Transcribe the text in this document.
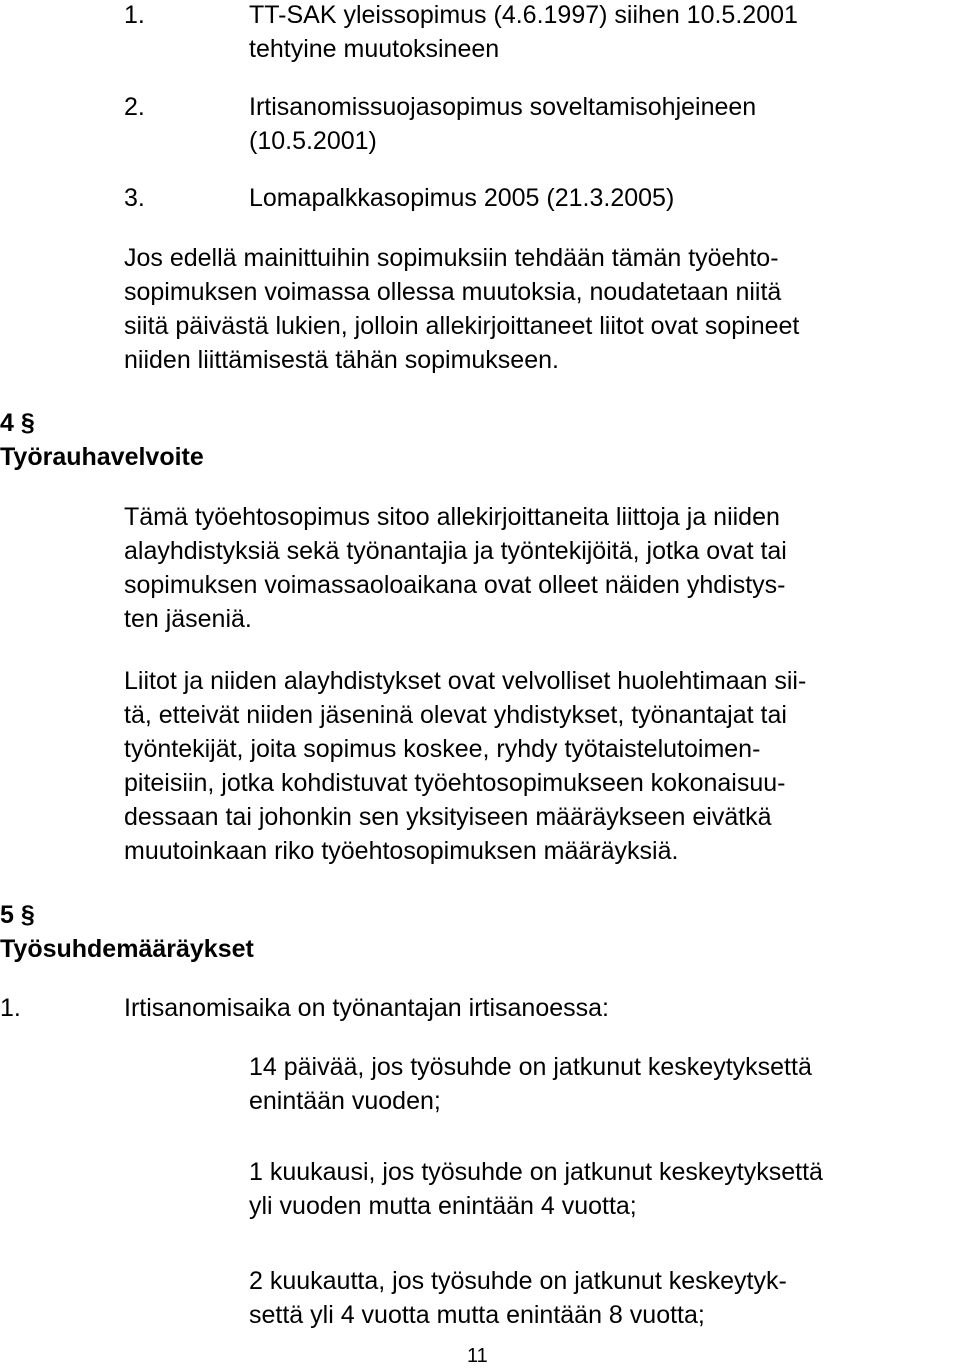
1.	TT-SAK yleissopimus (4.6.1997) siihen 10.5.2001
tehtyine muutoksineen
2.	Irtisanomissuojasopimus soveltamisohjeineen
(10.5.2001)
3.	Lomapalkkasopimus 2005 (21.3.2005)
Jos edellä mainittuihin sopimuksiin tehdään tämän työehto-
sopimuksen voimassa ollessa muutoksia, noudatetaan niitä
siitä päivästä lukien, jolloin allekirjoittaneet liitot ovat sopineet
niiden liittämisestä tähän sopimukseen.
4 §
Työrauhavelvoite
Tämä työehtosopimus sitoo allekirjoittaneita liittoja ja niiden
alayhdistyksiä sekä työnantajia ja työntekijöitä, jotka ovat tai
sopimuksen voimassaoloaikana ovat olleet näiden yhdistys-
ten jäseniä.
Liitot ja niiden alayhdistykset ovat velvolliset huolehtimaan sii-
tä, etteivät niiden jäseninä olevat yhdistykset, työnantajat tai
työntekijät, joita sopimus koskee, ryhdy työtaistelutoimen-
piteisiin, jotka kohdistuvat työehtosopimukseen kokonaisuu-
dessaan tai johonkin sen yksityiseen määräykseen eivätkä
muutoinkaan riko työehtosopimuksen määräyksiä.
5 §
Työsuhdemääräykset
1.	Irtisanomisaika on työnantajan irtisanoessa:
14 päivää, jos työsuhde on jatkunut keskeytyksettä
enintään vuoden;
1 kuukausi, jos työsuhde on jatkunut keskeytyksettä
yli vuoden mutta enintään 4 vuotta;
2 kuukautta, jos työsuhde on jatkunut keskeytyk-
settä yli 4 vuotta mutta enintään 8 vuotta;
11
